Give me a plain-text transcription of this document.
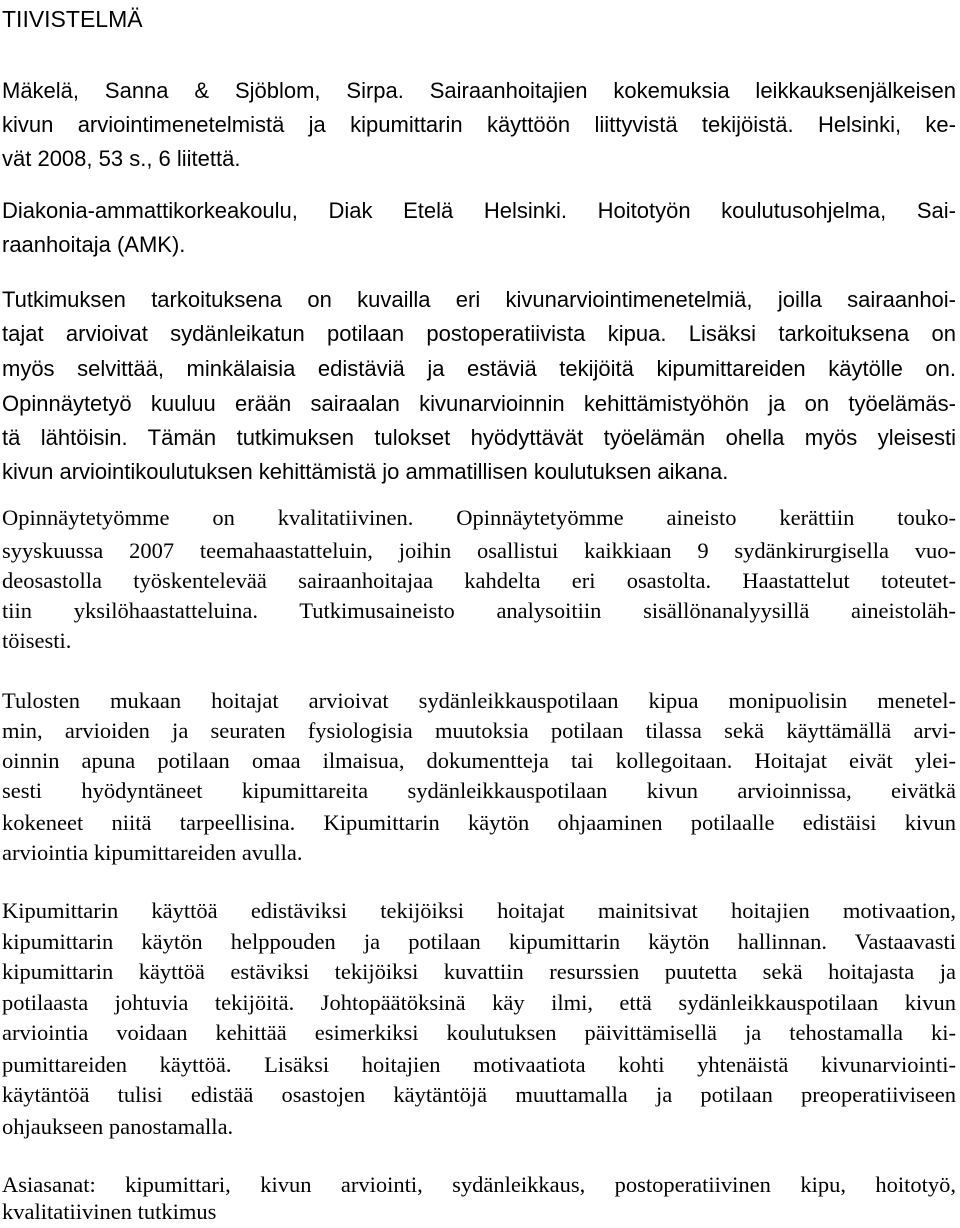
TIIVISTELMÄ
Mäkelä, Sanna & Sjöblom, Sirpa. Sairaanhoitajien kokemuksia leikkauksenjälkeisen
kivun arviointimenetelmistä ja kipumittarin käyttöön liittyvistä tekijöistä. Helsinki, ke-
vät 2008, 53 s., 6 liitettä.
Diakonia-ammattikorkeakoulu, Diak Etelä Helsinki. Hoitotyön koulutusohjelma, Sai-
raanhoitaja (AMK).
Tutkimuksen tarkoituksena on kuvailla eri kivunarviointimenetelmiä, joilla sairaanhoi-
tajat arvioivat sydänleikatun potilaan postoperatiivista kipua. Lisäksi tarkoituksena on
myös selvittää, minkälaisia edistäviä ja estäviä tekijöitä kipumittareiden käytölle on.
Opinnäytetyö kuuluu erään sairaalan kivunarvioinnin kehittämistyöhön ja on työelämäs-
tä lähtöisin. Tämän tutkimuksen tulokset hyödyttävät työelämän ohella myös yleisesti
kivun arviointikoulutuksen kehittämistä jo ammatillisen koulutuksen aikana.
Opinnäytetyömme on kvalitatiivinen. Opinnäytetyömme aineisto kerättiin touko-
syyskuussa 2007 teemahaastatteluin, joihin osallistui kaikkiaan 9 sydänkirurgisella vuo-
deosastolla työskentelevää sairaanhoitajaa kahdelta eri osastolta. Haastattelut toteutet-
tiin yksilöhaastatteluina. Tutkimusaineisto analysoitiin sisällönanalyysillä aineistoläh-
töisesti.
Tulosten mukaan hoitajat arvioivat sydänleikkauspotilaan kipua monipuolisin menetel-
min, arvioiden ja seuraten fysiologisia muutoksia potilaan tilassa sekä käyttämällä arvi-
oinnin apuna potilaan omaa ilmaisua, dokumentteja tai kollegoitaan. Hoitajat eivät ylei-
sesti hyödyntäneet kipumittareita sydänleikkauspotilaan kivun arvioinnissa, eivätkä
kokeneet niitä tarpeellisina. Kipumittarin käytön ohjaaminen potilaalle edistäisi kivun
arviointia kipumittareiden avulla.
Kipumittarin käyttöä edistäviksi tekijöiksi hoitajat mainitsivat hoitajien motivaation,
kipumittarin käytön helppouden ja potilaan kipumittarin käytön hallinnan. Vastaavasti
kipumittarin käyttöä estäviksi tekijöiksi kuvattiin resurssien puutetta sekä hoitajasta ja
potilaasta johtuvia tekijöitä. Johtopäätöksinä käy ilmi, että sydänleikkauspotilaan kivun
arviointia voidaan kehittää esimerkiksi koulutuksen päivittämisellä ja tehostamalla ki-
pumittareiden käyttöä. Lisäksi hoitajien motivaatiota kohti yhtenäistä kivunarviointi-
käytäntöä tulisi edistää osastojen käytäntöjä muuttamalla ja potilaan preoperatiiviseen
ohjaukseen panostamalla.
Asiasanat: kipumittari, kivun arviointi, sydänleikkaus, postoperatiivinen kipu, hoitotyö,
kvalitatiivinen tutkimus
